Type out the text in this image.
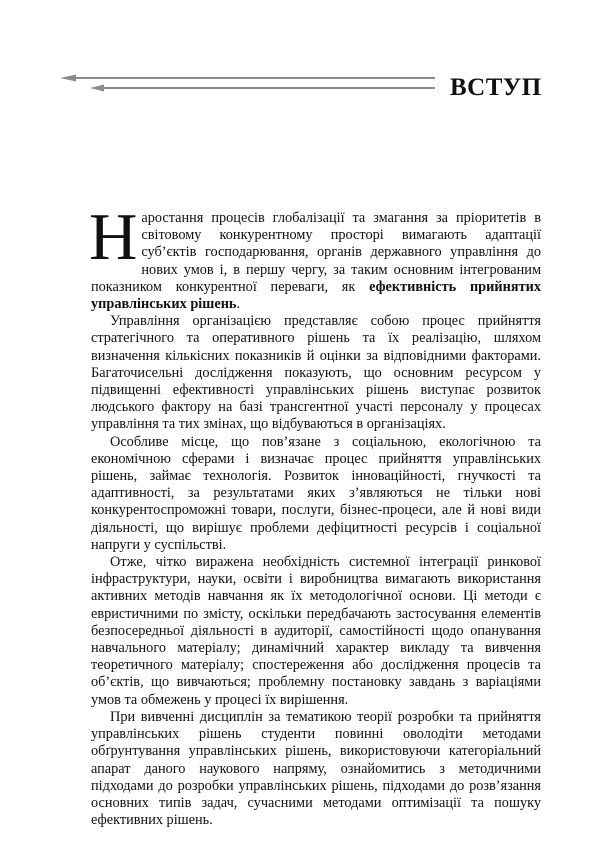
ВСТУП

Наростання процесів глобалізації та змагання за пріоритетів в світовому конкурентному просторі вимагають адаптації суб’єктів господарювання, органів державного управління до нових умов і, в першу чергу, за таким основним інтегрованим показником конкурентної переваги, як ефективність прийнятих управлінських рішень.

Управління організацією представляє собою процес прийняття стратегічного та оперативного рішень та їх реалізацію, шляхом визначення кількісних показників й оцінки за відповідними факторами. Багаточисельні дослідження показують, що основним ресурсом у підвищенні ефективності управлінських рішень виступає розвиток людського фактору на базі трансгентної участі персоналу у процесах управління та тих змінах, що відбуваються в організаціях.

Особливе місце, що пов’язане з соціальною, екологічною та економічною сферами і визначає процес прийняття управлінських рішень, займає технологія. Розвиток інноваційності, гнучкості та адаптивності, за результатами яких з’являються не тільки нові конкурентоспроможні товари, послуги, бізнес-процеси, але й нові види діяльності, що вирішує проблеми дефіцитності ресурсів і соціальної напруги у суспільстві.

Отже, чітко виражена необхідність системної інтеграції ринкової інфраструктури, науки, освіти і виробництва вимагають використання активних методів навчання як їх методологічної основи. Ці методи є евристичними по змісту, оскільки передбачають застосування елементів безпосередньої діяльності в аудиторії, самостійності щодо опанування навчального матеріалу; динамічний характер викладу та вивчення теоретичного матеріалу; спостереження або дослідження процесів та об’єктів, що вивчаються; проблемну постановку завдань з варіаціями умов та обмежень у процесі їх вирішення.

При вивченні дисциплін за тематикою теорії розробки та прийняття управлінських рішень студенти повинні оволодіти методами обґрунтування управлінських рішень, використовуючи категоріальний апарат даного наукового напряму, ознайомитись з методичними підходами до розробки управлінських рішень, підходами до розв’язання основних типів задач, сучасними методами оптимізації та пошуку ефективних рішень.
